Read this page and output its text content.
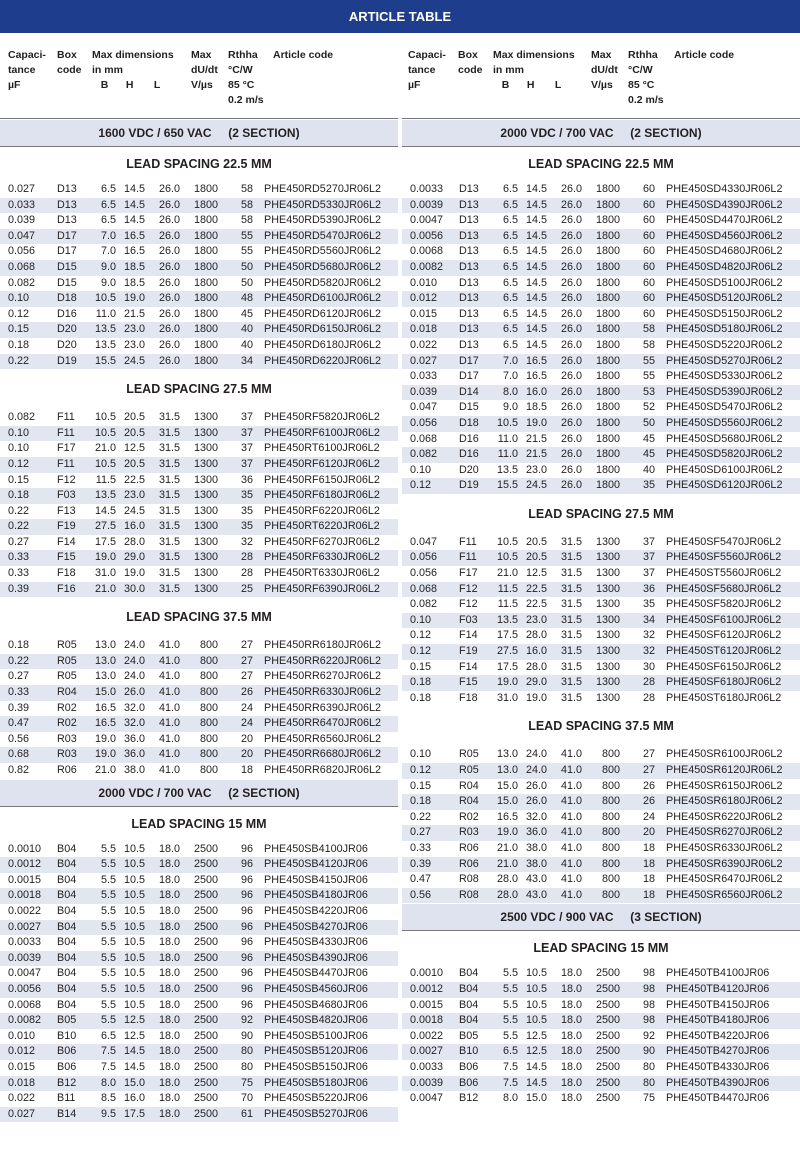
ARTICLE TABLE
Capaci-
tance
µF
Box
code
Max dimensions
in mm
B      H       L
Max
dU/dt
V/µs
Rthha
°C/W
85 °C
0.2 m/s
Article code
1600 VDC / 650 VAC     (2 SECTION)
LEAD SPACING 22.5 MM
0.027 D13	6.5 14.5	26.0	1800	58 PHE450RD5270JR06L2
0.033 D13	6.5 14.5	26.0	1800	58 PHE450RD5330JR06L2
0.039 D13	6.5 14.5	26.0	1800	58 PHE450RD5390JR06L2
0.047 D17	7.0 16.5	26.0	1800	55 PHE450RD5470JR06L2
0.056 D17	7.0 16.5	26.0	1800	55 PHE450RD5560JR06L2
0.068 D15	9.0 18.5	26.0	1800	50 PHE450RD5680JR06L2
0.082 D15	9.0 18.5	26.0	1800	50 PHE450RD5820JR06L2
0.10	D18 10.5 19.0	26.0	1800	48 PHE450RD6100JR06L2
0.12	D16	11.0 21.5	26.0	1800	45 PHE450RD6120JR06L2
0.15	D20 13.5 23.0	26.0	1800	40 PHE450RD6150JR06L2
0.18	D20 13.5 23.0	26.0	1800	40 PHE450RD6180JR06L2
0.22	D19 15.5 24.5	26.0	1800	34 PHE450RD6220JR06L2
LEAD SPACING 27.5 MM
0.082 F11 10.5 20.5	31.5	1300	37 PHE450RF5820JR06L2
0.10	F11 10.5 20.5	31.5	1300	37 PHE450RF6100JR06L2
0.10	F17 21.0 12.5	31.5	1300	37 PHE450RT6100JR06L2
0.12	F11 10.5 20.5	31.5	1300	37 PHE450RF6120JR06L2
0.15	F12	11.5 22.5	31.5	1300	36 PHE450RF6150JR06L2
0.18	F03 13.5 23.0	31.5	1300	35 PHE450RF6180JR06L2
0.22	F13 14.5 24.5	31.5	1300	35 PHE450RF6220JR06L2
0.22	F19 27.5 16.0	31.5	1300	35 PHE450RT6220JR06L2
0.27	F14 17.5 28.0	31.5	1300	32 PHE450RF6270JR06L2
0.33	F15 19.0 29.0	31.5	1300	28 PHE450RF6330JR06L2
0.33	F18 31.0 19.0	31.5	1300	28 PHE450RT6330JR06L2
0.39	F16 21.0 30.0	31.5	1300	25 PHE450RF6390JR06L2
LEAD SPACING 37.5 MM
0.18	R05 13.0 24.0	41.0	800	27 PHE450RR6180JR06L2
0.22	R05 13.0 24.0	41.0	800	27 PHE450RR6220JR06L2
0.27	R05 13.0 24.0	41.0	800	27 PHE450RR6270JR06L2
0.33	R04 15.0 26.0	41.0	800	26 PHE450RR6330JR06L2
0.39	R02 16.5 32.0	41.0	800	24 PHE450RR6390JR06L2
0.47	R02 16.5 32.0	41.0	800	24 PHE450RR6470JR06L2
0.56	R03 19.0 36.0	41.0	800	20 PHE450RR6560JR06L2
0.68	R03 19.0 36.0	41.0	800	20 PHE450RR6680JR06L2
0.82	R06 21.0 38.0	41.0	800	18 PHE450RR6820JR06L2
2000 VDC / 700 VAC     (2 SECTION)
LEAD SPACING 15 MM
0.0010 B04	5.5 10.5	18.0	2500	96 PHE450SB4100JR06
0.0012 B04	5.5 10.5	18.0	2500	96 PHE450SB4120JR06
0.0015 B04	5.5 10.5	18.0	2500	96 PHE450SB4150JR06
0.0018 B04	5.5 10.5	18.0	2500	96 PHE450SB4180JR06
0.0022 B04	5.5 10.5	18.0	2500	96 PHE450SB4220JR06
0.0027 B04	5.5 10.5	18.0	2500	96 PHE450SB4270JR06
0.0033 B04	5.5 10.5	18.0	2500	96 PHE450SB4330JR06
0.0039 B04	5.5 10.5	18.0	2500	96 PHE450SB4390JR06
0.0047 B04	5.5 10.5	18.0	2500	96 PHE450SB4470JR06
0.0056 B04	5.5 10.5	18.0	2500	96 PHE450SB4560JR06
0.0068 B04	5.5 10.5	18.0	2500	96 PHE450SB4680JR06
0.0082 B05	5.5 12.5	18.0	2500	92 PHE450SB4820JR06
0.010 B10	6.5 12.5	18.0	2500	90 PHE450SB5100JR06
0.012 B06	7.5 14.5	18.0	2500	80 PHE450SB5120JR06
0.015 B06	7.5 14.5	18.0	2500	80 PHE450SB5150JR06
0.018 B12	8.0 15.0	18.0	2500	75 PHE450SB5180JR06
0.022 B11	8.5 16.0	18.0	2500	70 PHE450SB5220JR06
0.027 B14	9.5 17.5	18.0	2500	61 PHE450SB5270JR06
Capaci-
tance
µF
Box
code
Max dimensions
in mm
B      H       L
Max
dU/dt
V/µs
Rthha
°C/W
85 °C
0.2 m/s
Article code
2000 VDC / 700 VAC     (2 SECTION)
LEAD SPACING 22.5 MM
0.0033 D13	6.5 14.5	26.0	1800	60 PHE450SD4330JR06L2
0.0039 D13	6.5 14.5	26.0	1800	60 PHE450SD4390JR06L2
0.0047 D13	6.5 14.5	26.0	1800	60 PHE450SD4470JR06L2
0.0056 D13	6.5 14.5	26.0	1800	60 PHE450SD4560JR06L2
0.0068 D13	6.5 14.5	26.0	1800	60 PHE450SD4680JR06L2
0.0082 D13	6.5 14.5	26.0	1800	60 PHE450SD4820JR06L2
0.010 D13	6.5 14.5	26.0	1800	60 PHE450SD5100JR06L2
0.012 D13	6.5 14.5	26.0	1800	60 PHE450SD5120JR06L2
0.015 D13	6.5 14.5	26.0	1800	60 PHE450SD5150JR06L2
0.018 D13	6.5 14.5	26.0	1800	58 PHE450SD5180JR06L2
0.022 D13	6.5 14.5	26.0	1800	58 PHE450SD5220JR06L2
0.027 D17	7.0 16.5	26.0	1800	55 PHE450SD5270JR06L2
0.033 D17	7.0 16.5	26.0	1800	55 PHE450SD5330JR06L2
0.039 D14	8.0 16.0	26.0	1800	53 PHE450SD5390JR06L2
0.047 D15	9.0 18.5	26.0	1800	52 PHE450SD5470JR06L2
0.056 D18 10.5 19.0	26.0	1800	50 PHE450SD5560JR06L2
0.068 D16	11.0 21.5	26.0	1800	45 PHE450SD5680JR06L2
0.082 D16	11.0 21.5	26.0	1800	45 PHE450SD5820JR06L2
0.10	D20 13.5 23.0	26.0	1800	40 PHE450SD6100JR06L2
0.12	D19 15.5 24.5	26.0	1800	35 PHE450SD6120JR06L2
LEAD SPACING 27.5 MM
0.047 F11 10.5 20.5	31.5	1300	37 PHE450SF5470JR06L2
0.056 F11 10.5 20.5	31.5	1300	37 PHE450SF5560JR06L2
0.056 F17 21.0 12.5	31.5	1300	37 PHE450ST5560JR06L2
0.068 F12	11.5 22.5	31.5	1300	36 PHE450SF5680JR06L2
0.082 F12	11.5 22.5	31.5	1300	35 PHE450SF5820JR06L2
0.10	F03 13.5 23.0	31.5	1300	34 PHE450SF6100JR06L2
0.12	F14 17.5 28.0	31.5	1300	32 PHE450SF6120JR06L2
0.12	F19 27.5 16.0	31.5	1300	32 PHE450ST6120JR06L2
0.15	F14 17.5 28.0	31.5	1300	30 PHE450SF6150JR06L2
0.18	F15 19.0 29.0	31.5	1300	28 PHE450SF6180JR06L2
0.18	F18 31.0 19.0	31.5	1300	28 PHE450ST6180JR06L2
LEAD SPACING 37.5 MM
0.10	R05 13.0 24.0	41.0	800	27 PHE450SR6100JR06L2
0.12	R05 13.0 24.0	41.0	800	27 PHE450SR6120JR06L2
0.15	R04 15.0 26.0	41.0	800	26 PHE450SR6150JR06L2
0.18	R04 15.0 26.0	41.0	800	26 PHE450SR6180JR06L2
0.22	R02 16.5 32.0	41.0	800	24 PHE450SR6220JR06L2
0.27	R03 19.0 36.0	41.0	800	20 PHE450SR6270JR06L2
0.33	R06 21.0 38.0	41.0	800	18 PHE450SR6330JR06L2
0.39	R06 21.0 38.0	41.0	800	18 PHE450SR6390JR06L2
0.47	R08 28.0 43.0	41.0	800	18 PHE450SR6470JR06L2
0.56	R08 28.0 43.0	41.0	800	18 PHE450SR6560JR06L2
2500 VDC / 900 VAC     (3 SECTION)
LEAD SPACING 15 MM
0.0010 B04	5.5 10.5	18.0	2500	98 PHE450TB4100JR06
0.0012 B04	5.5 10.5	18.0	2500	98 PHE450TB4120JR06
0.0015 B04	5.5 10.5	18.0	2500	98 PHE450TB4150JR06
0.0018 B04	5.5 10.5	18.0	2500	98 PHE450TB4180JR06
0.0022 B05	5.5 12.5	18.0	2500	92 PHE450TB4220JR06
0.0027 B10	6.5 12.5	18.0	2500	90 PHE450TB4270JR06
0.0033 B06	7.5 14.5	18.0	2500	80 PHE450TB4330JR06
0.0039 B06	7.5 14.5	18.0	2500	80 PHE450TB4390JR06
0.0047 B12	8.0 15.0	18.0	2500	75 PHE450TB4470JR06
